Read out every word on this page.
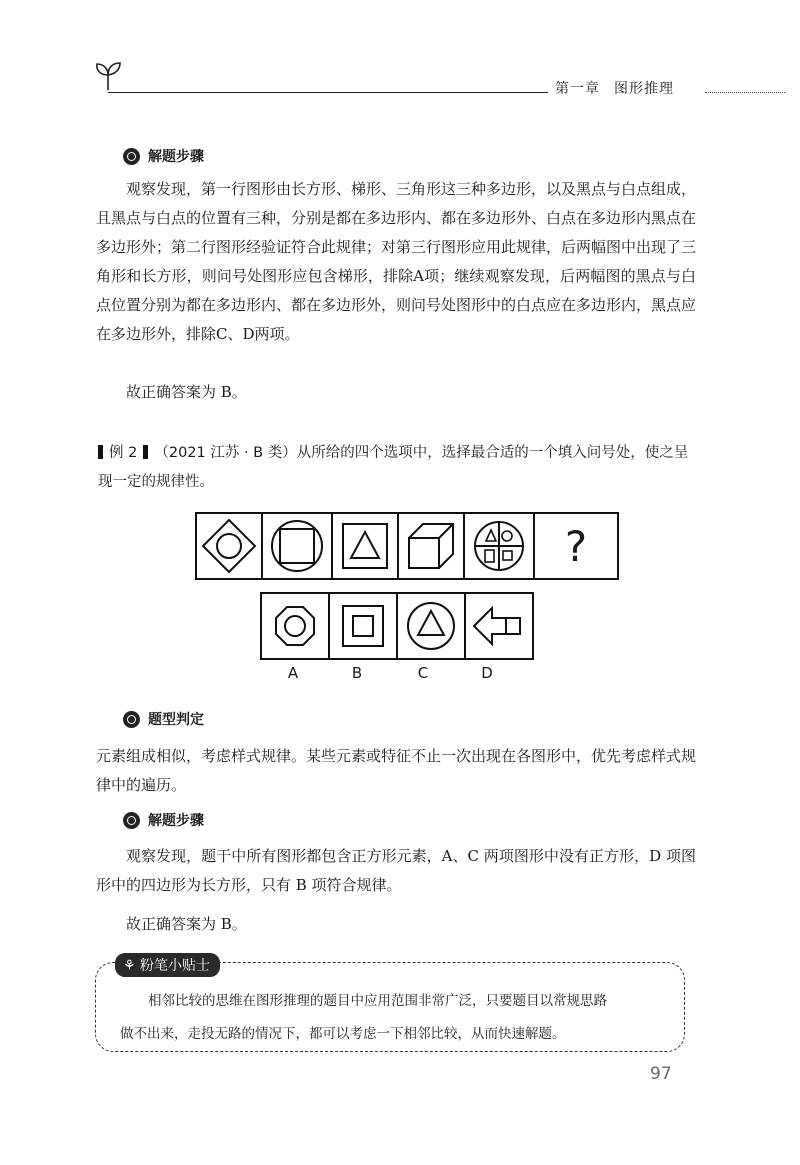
第一章 图形推理
解题步骤
观察发现，第一行图形由长方形、梯形、三角形这三种多边形，以及黑点与白点组成，且黑点与白点的位置有三种，分别是都在多边形内、都在多边形外、白点在多边形内黑点在多边形外；第二行图形经验证符合此规律；对第三行图形应用此规律，后两幅图中出现了三角形和长方形，则问号处图形应包含梯形，排除A项；继续观察发现，后两幅图的黑点与白点位置分别为都在多边形内、都在多边形外，则问号处图形中的白点应在多边形内，黑点应在多边形外，排除C、D两项。
故正确答案为 B。
例 2 （2021 江苏 · B 类）从所给的四个选项中，选择最合适的一个填入问号处，使之呈现一定的规律性。
?
A	B	C	D
题型判定
元素组成相似，考虑样式规律。某些元素或特征不止一次出现在各图形中，优先考虑样式规律中的遍历。
解题步骤
观察发现，题干中所有图形都包含正方形元素，A、C 两项图形中没有正方形，D 项图形中的四边形为长方形，只有 B 项符合规律。
故正确答案为 B。
⚘ 粉笔小贴士

相邻比较的思维在图形推理的题目中应用范围非常广泛，只要题目以常规思路

做不出来，走投无路的情况下，都可以考虑一下相邻比较，从而快速解题。

97
